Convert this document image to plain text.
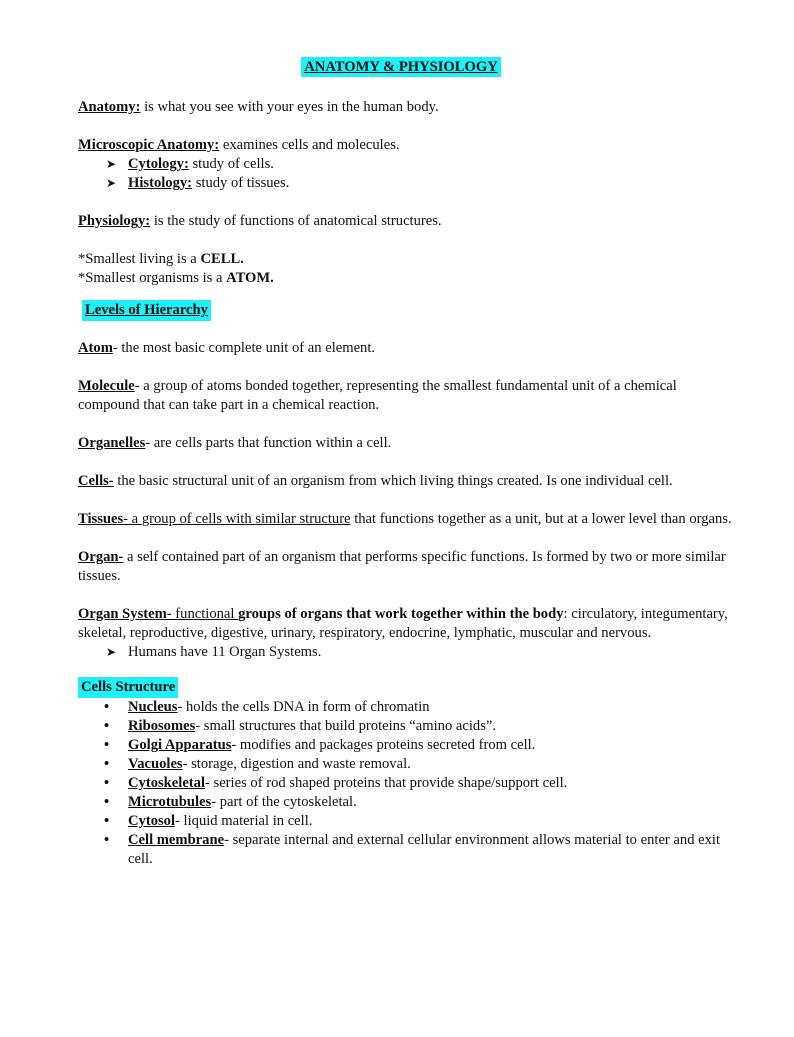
ANATOMY & PHYSIOLOGY

Anatomy: is what you see with your eyes in the human body.

Microscopic Anatomy: examines cells and molecules.

➤ Cytology: study of cells.
➤ Histology: study of tissues.

Physiology: is the study of functions of anatomical structures.

*Smallest living is a CELL.

*Smallest organisms is a ATOM.

Levels of Hierarchy

Atom- the most basic complete unit of an element.

Molecule- a group of atoms bonded together, representing the smallest fundamental unit of a chemical compound that can take part in a chemical reaction.

Organelles- are cells parts that function within a cell.

Cells- the basic structural unit of an organism from which living things created. Is one individual cell.

Tissues- a group of cells with similar structure that functions together as a unit, but at a lower level than organs.

Organ- a self contained part of an organism that performs specific functions. Is formed by two or more similar tissues.

Organ System- functional groups of organs that work together within the body: circulatory, integumentary, skeletal, reproductive, digestive, urinary, respiratory, endocrine, lymphatic, muscular and nervous.

➤ Humans have 11 Organ Systems.

Cells Structure

• Nucleus- holds the cells DNA in form of chromatin
• Ribosomes- small structures that build proteins “amino acids”.
• Golgi Apparatus- modifies and packages proteins secreted from cell.
• Vacuoles- storage, digestion and waste removal.
• Cytoskeletal- series of rod shaped proteins that provide shape/support cell.
• Microtubules- part of the cytoskeletal.
• Cytosol- liquid material in cell.
• Cell membrane- separate internal and external cellular environment allows material to enter and exit cell.
